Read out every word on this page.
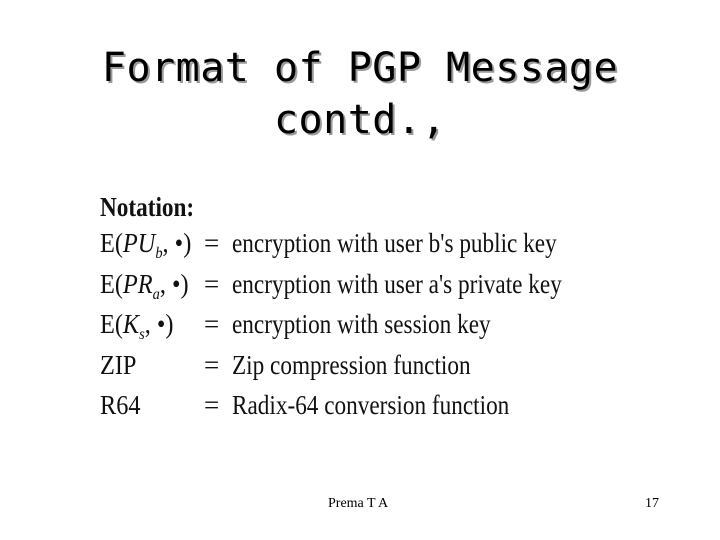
Format of PGP Message
contd.,
Notation:
$E(PU_b$, •) = encryption with user b's public key
$E(PR_a$, •) = encryption with user a's private key
$E(K_s$, •) = encryption with session key
ZIP	= Zip compression function
R64 = Radix-64 conversion function
Prema T A	17
